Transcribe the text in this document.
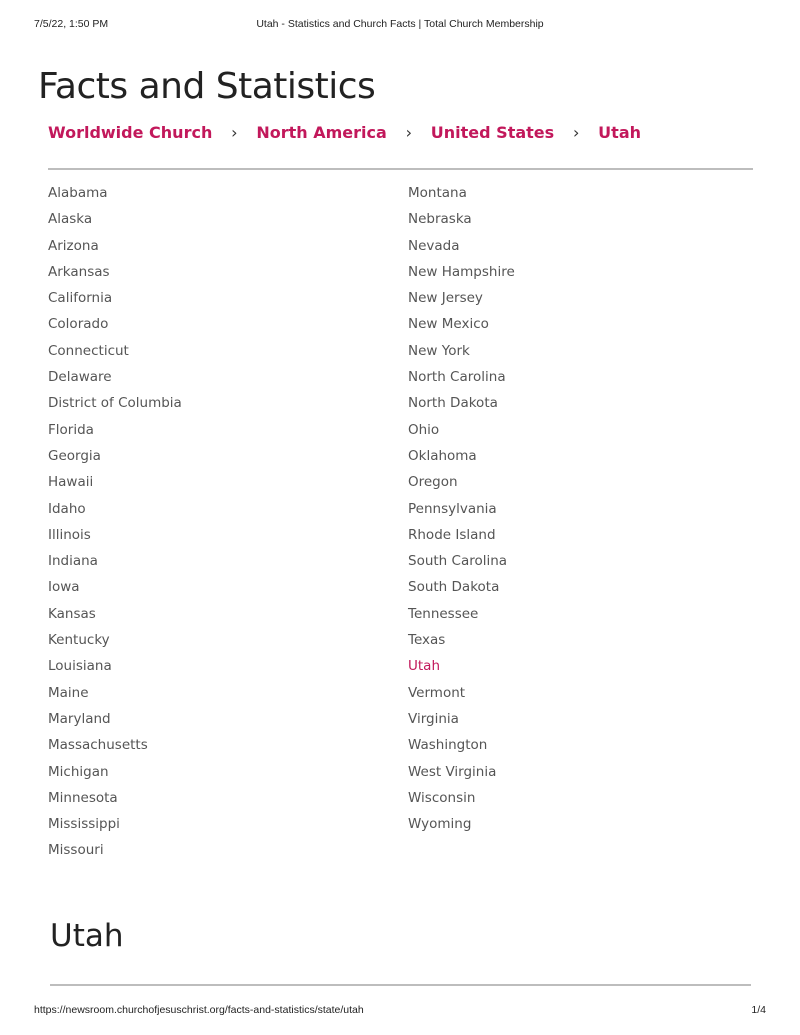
7/5/22, 1:50 PM	Utah - Statistics and Church Facts | Total Church Membership
Facts and Statistics
Worldwide Church	›	North America	›	United States	›	Utah
Alabama
Alaska
Arizona
Arkansas
California
Colorado
Connecticut
Delaware
District of Columbia
Florida
Georgia
Hawaii
Idaho
Illinois
Indiana
Iowa
Kansas
Kentucky
Louisiana
Maine
Maryland
Massachusetts
Michigan
Minnesota
Mississippi
Missouri
Montana
Nebraska
Nevada
New Hampshire
New Jersey
New Mexico
New York
North Carolina
North Dakota
Ohio
Oklahoma
Oregon
Pennsylvania
Rhode Island
South Carolina
South Dakota
Tennessee
Texas
Utah
Vermont
Virginia
Washington
West Virginia
Wisconsin
Wyoming
Utah
https://newsroom.churchofjesuschrist.org/facts-and-statistics/state/utah	1/4
